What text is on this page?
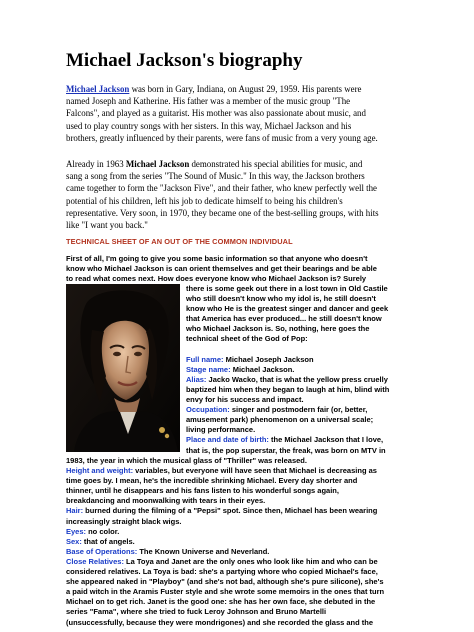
Michael Jackson's biography

Michael Jackson was born in Gary, Indiana, on August 29, 1959. His parents were
named Joseph and Katherine. His father was a member of the music group "The
Falcons", and played as a guitarist. His mother was also passionate about music, and
used to play country songs with her sisters. In this way, Michael Jackson and his
brothers, greatly influenced by their parents, were fans of music from a very young age.

Already in 1963 Michael Jackson demonstrated his special abilities for music, and
sang a song from the series "The Sound of Music." In this way, the Jackson brothers
came together to form the "Jackson Five", and their father, who knew perfectly well the
potential of his children, left his job to dedicate himself to being his children's
representative. Very soon, in 1970, they became one of the best-selling groups, with hits
like "I want you back."

TECHNICAL SHEET OF AN OUT OF THE COMMON INDIVIDUAL
First of all, I'm going to give you some basic information so that anyone who doesn't
know who Michael Jackson is can orient themselves and get their bearings and be able
to read what comes next. How does everyone know who Michael Jackson is? Surely
there is some geek out there in a lost town in Old Castile
who still doesn't know who my idol is, he still doesn't
know who He is the greatest singer and dancer and geek
that America has ever produced... he still doesn't know
who Michael Jackson is. So, nothing, here goes the
technical sheet of the God of Pop:

Full name: Michael Joseph Jackson
Stage name: Michael Jackson.
Alias: Jacko Wacko, that is what the yellow press cruelly
baptized him when they began to laugh at him, blind with
envy for his success and impact.
Occupation: singer and postmodern fair (or, better,
amusement park) phenomenon on a universal scale;
living performance.
Place and date of birth: the Michael Jackson that I love,
that is, the pop superstar, the freak, was born on MTV in
1983, the year in which the musical glass of "Thriller" was released.
Height and weight: variables, but everyone will have seen that Michael is decreasing as
time goes by. I mean, he's the incredible shrinking Michael. Every day shorter and
thinner, until he disappears and his fans listen to his wonderful songs again,
breakdancing and moonwalking with tears in their eyes.
Hair: burned during the filming of a "Pepsi" spot. Since then, Michael has been wearing
increasingly straight black wigs.
Eyes: no color.
Sex: that of angels.
Base of Operations: The Known Universe and Neverland.
Close Relatives: La Toya and Janet are the only ones who look like him and who can be
considered relatives. La Toya is bad: she's a partying whore who copied Michael's face,
she appeared naked in "Playboy" (and she's not bad, although she's pure silicone), she's
a paid witch in the Aramis Fuster style and she wrote some memoirs in the ones that turn
Michael on to get rich. Janet is the good one: she has her own face, she debuted in the
series "Fama", where she tried to fuck Leroy Johnson and Bruno Martelli
(unsuccessfully, because they were mondrigones) and she recorded the glass and the
